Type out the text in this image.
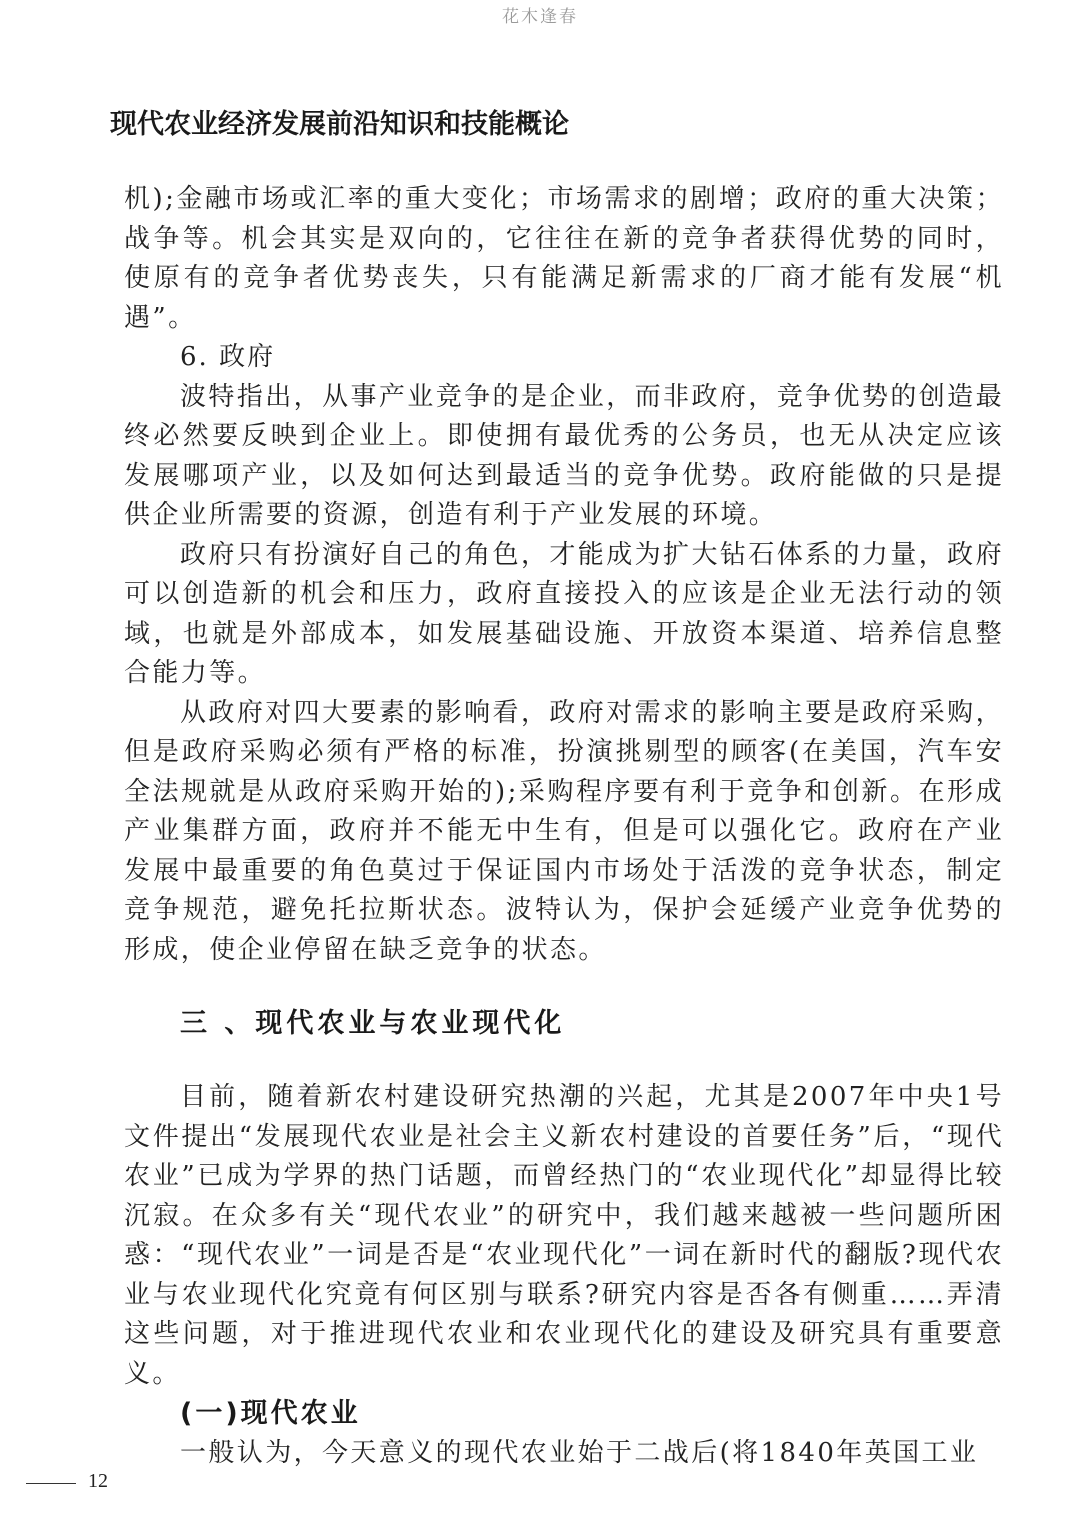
花木逢春
现代农业经济发展前沿知识和技能概论

机);金融市场或汇率的重大变化；市场需求的剧增；政府的重大决策；战争等。机会其实是双向的，它往往在新的竞争者获得优势的同时，使原有的竞争者优势丧失，只有能满足新需求的厂商才能有发展“机遇”。

6. 政府

波特指出，从事产业竞争的是企业，而非政府，竞争优势的创造最终必然要反映到企业上。即使拥有最优秀的公务员，也无从决定应该发展哪项产业，以及如何达到最适当的竞争优势。政府能做的只是提供企业所需要的资源，创造有利于产业发展的环境。

政府只有扮演好自己的角色，才能成为扩大钻石体系的力量，政府可以创造新的机会和压力，政府直接投入的应该是企业无法行动的领域，也就是外部成本，如发展基础设施、开放资本渠道、培养信息整合能力等。

从政府对四大要素的影响看，政府对需求的影响主要是政府采购，但是政府采购必须有严格的标准，扮演挑剔型的顾客(在美国，汽车安全法规就是从政府采购开始的);采购程序要有利于竞争和创新。在形成产业集群方面，政府并不能无中生有，但是可以强化它。政府在产业发展中最重要的角色莫过于保证国内市场处于活泼的竞争状态，制定竞争规范，避免托拉斯状态。波特认为，保护会延缓产业竞争优势的形成，使企业停留在缺乏竞争的状态。

三 、现代农业与农业现代化

目前，随着新农村建设研究热潮的兴起，尤其是2007年中央1号文件提出“发展现代农业是社会主义新农村建设的首要任务”后，“现代农业”已成为学界的热门话题，而曾经热门的“农业现代化”却显得比较沉寂。在众多有关“现代农业”的研究中，我们越来越被一些问题所困惑：“现代农业”一词是否是“农业现代化”一词在新时代的翻版?现代农业与农业现代化究竟有何区别与联系?研究内容是否各有侧重……弄清这些问题，对于推进现代农业和农业现代化的建设及研究具有重要意义。

(一)现代农业

一般认为，今天意义的现代农业始于二战后(将1840年英国工业

12
